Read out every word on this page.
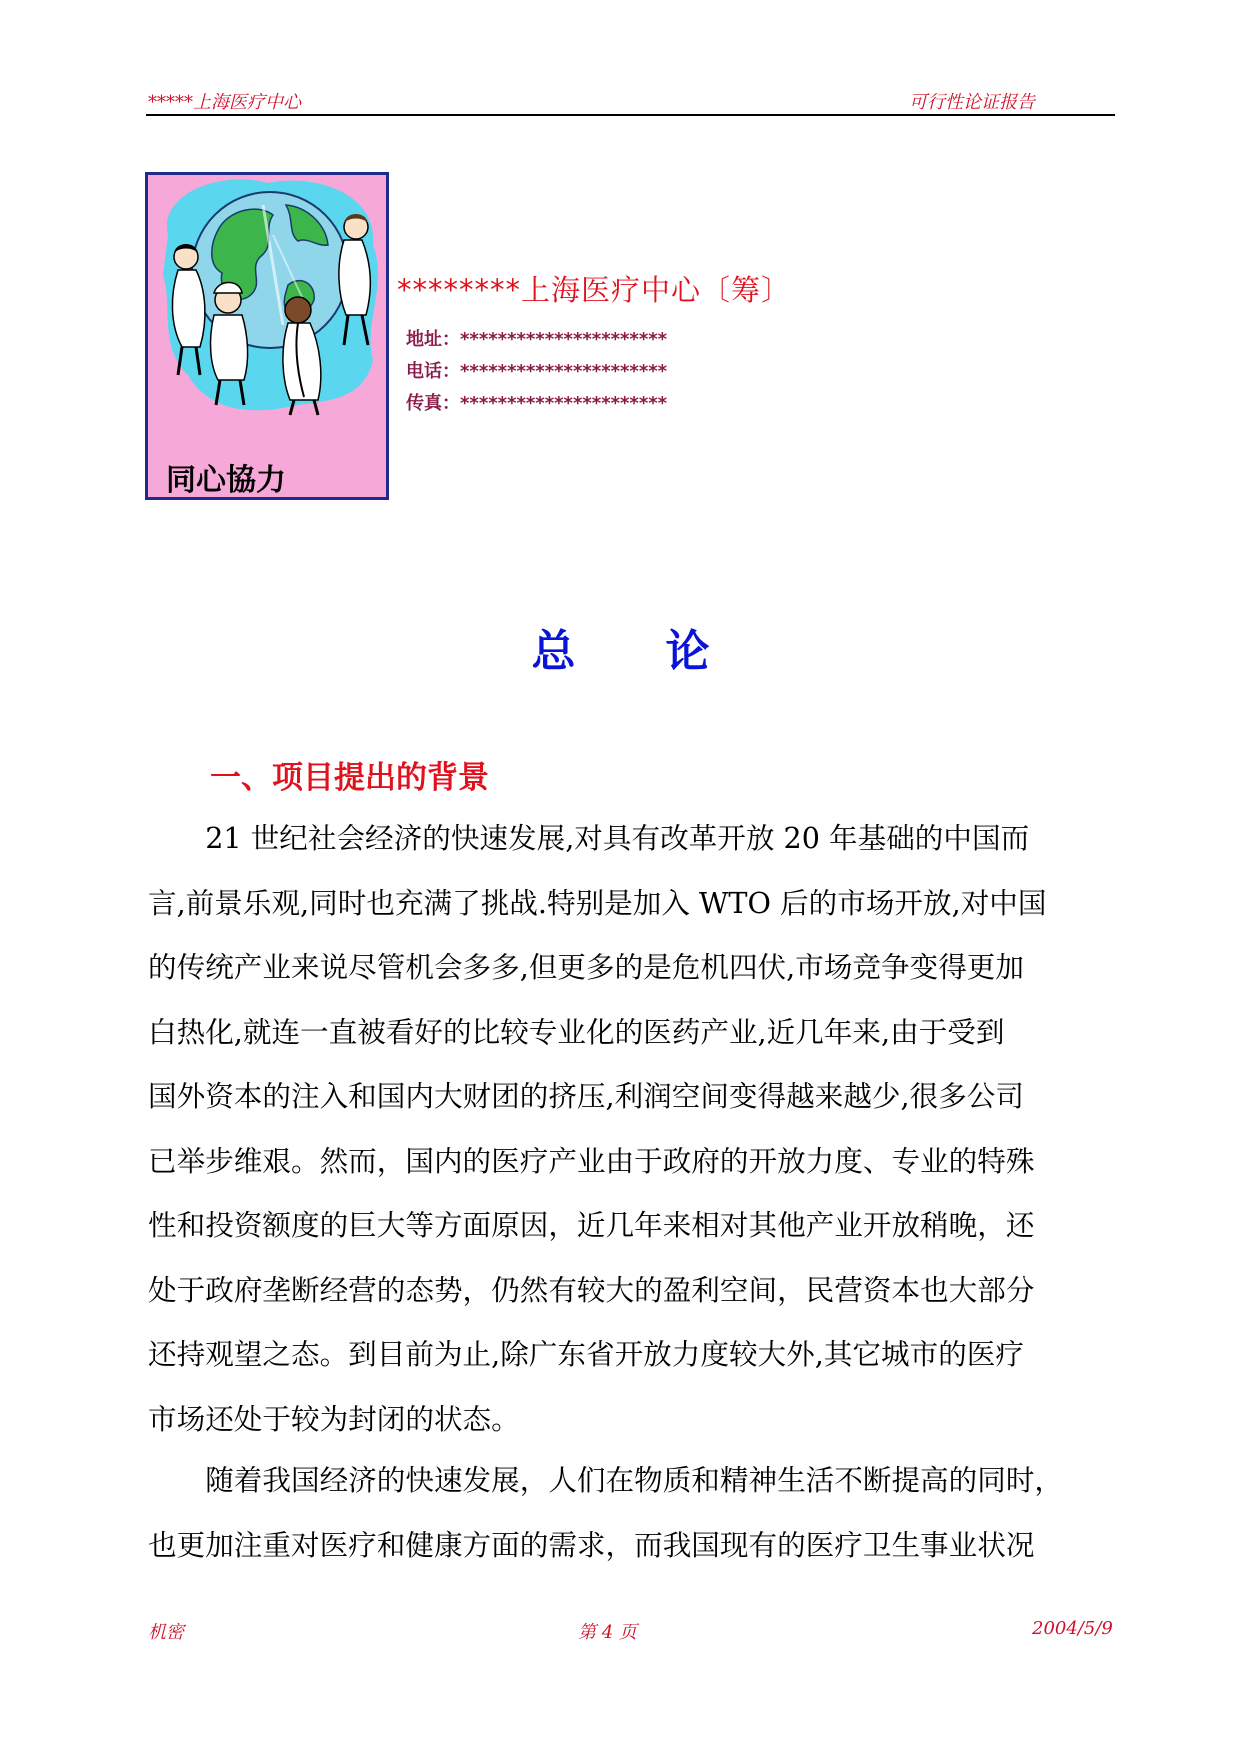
*****上海医疗中心	可行性论证报告
同心協力
********上海医疗中心〔筹〕
地址：**********************
电话：**********************
传真：**********************
总 论
一、项目提出的背景
　　21 世纪社会经济的快速发展,对具有改革开放 20 年基础的中国而
言,前景乐观,同时也充满了挑战.特别是加入 WTO 后的市场开放,对中国
的传统产业来说尽管机会多多,但更多的是危机四伏,市场竞争变得更加
白热化,就连一直被看好的比较专业化的医药产业,近几年来,由于受到
国外资本的注入和国内大财团的挤压,利润空间变得越来越少,很多公司
已举步维艰。然而，国内的医疗产业由于政府的开放力度、专业的特殊
性和投资额度的巨大等方面原因，近几年来相对其他产业开放稍晚，还
处于政府垄断经营的态势，仍然有较大的盈利空间，民营资本也大部分
还持观望之态。到目前为止,除广东省开放力度较大外,其它城市的医疗
市场还处于较为封闭的状态。
　　随着我国经济的快速发展，人们在物质和精神生活不断提高的同时，
也更加注重对医疗和健康方面的需求，而我国现有的医疗卫生事业状况
机密	第 4 页	2004/5/9
